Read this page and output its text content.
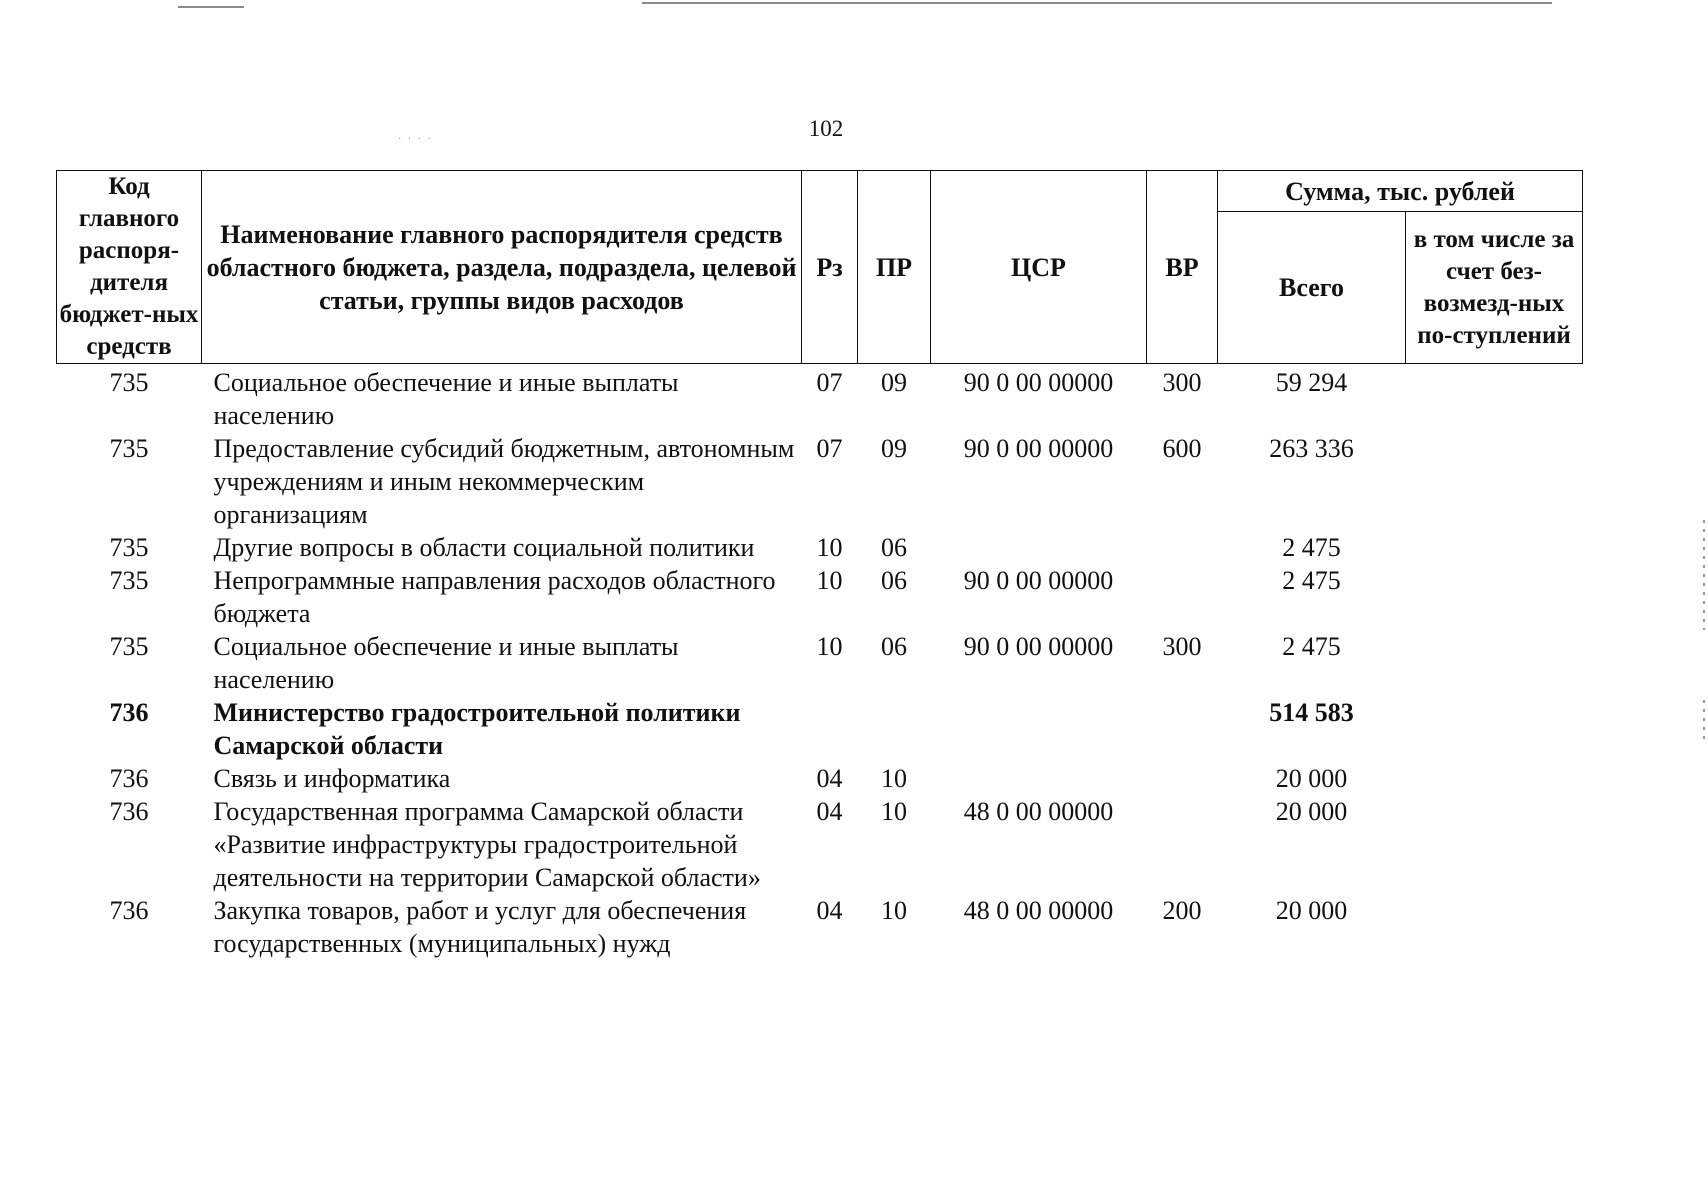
· · · ·	102
Код главного распоря-дителя бюджет-ных средств	Наименование главного распорядителя средств областного бюджета, раздела, подраздела, целевой статьи, группы видов расходов	Рз	ПР	ЦСР	ВР	Сумма, тыс. рублей	
						Всего	в том числе за счет без-возмезд-ных по-ступлений
735	Социальное обеспечение и иные выплаты населению	07	09	90 0 00 00000	300	59 294	
735	Предоставление субсидий бюджетным, автономным учреждениям и иным некоммерческим организациям	07	09	90 0 00 00000	600	263 336	
735	Другие вопросы в области социальной политики	10	06			2 475	
735	Непрограммные направления расходов областного бюджета	10	06	90 0 00 00000		2 475	
735	Социальное обеспечение и иные выплаты населению	10	06	90 0 00 00000	300	2 475	
736	Министерство градостроительной политики Самарской области					514 583	
736	Связь и информатика	04	10			20 000	
736	Государственная программа Самарской области «Развитие инфраструктуры градостроительной деятельности на территории Самарской области»	04	10	48 0 00 00000		20 000	
736	Закупка товаров, работ и услуг для обеспечения государственных (муниципальных) нужд	04	10	48 0 00 00000	200	20 000	
